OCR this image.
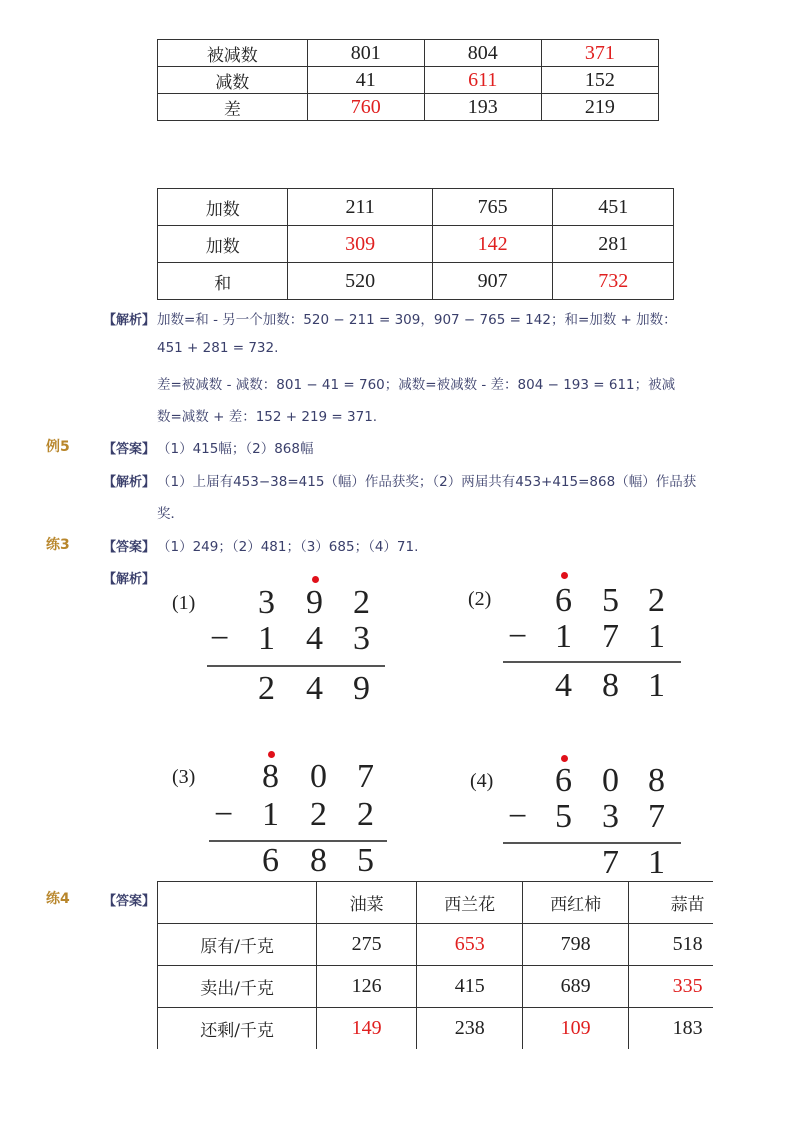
被减数	801	804	371
减数	41	611	152
差	760	193	219
加数	211	765	451
加数	309	142	281
和	520	907	732
【解析】 加数=和 - 另一个加数：520 − 211 = 309，907 − 765 = 142；和=加数 + 加数：
451 + 281 = 732.
差=被减数 - 减数：801 − 41 = 760；减数=被减数 - 差：804 − 193 = 611；被减
数=减数 + 差：152 + 219 = 371.
例5	【答案】 （1）415幅；（2）868幅
【解析】 （1）上届有453−38=415（幅）作品获奖；（2）两届共有453+415=868（幅）作品获
奖．
练3	【答案】 （1）249；（2）481；（3）685；（4）71.
【解析】
(1) 3 9 2
− 1 4 3
2 4 9
(2) 6 5 2
− 1 7 1
4 8 1
(3) 8 0 7
− 1 2 2
6 8 5
(4) 6 0 8
− 5 3 7
7 1
练4	【答案】
		油菜	西兰花	西红柿	蒜苗
原有/千克	275	653	798	518
卖出/千克	126	415	689	335
还剩/千克	149	238	109	183
